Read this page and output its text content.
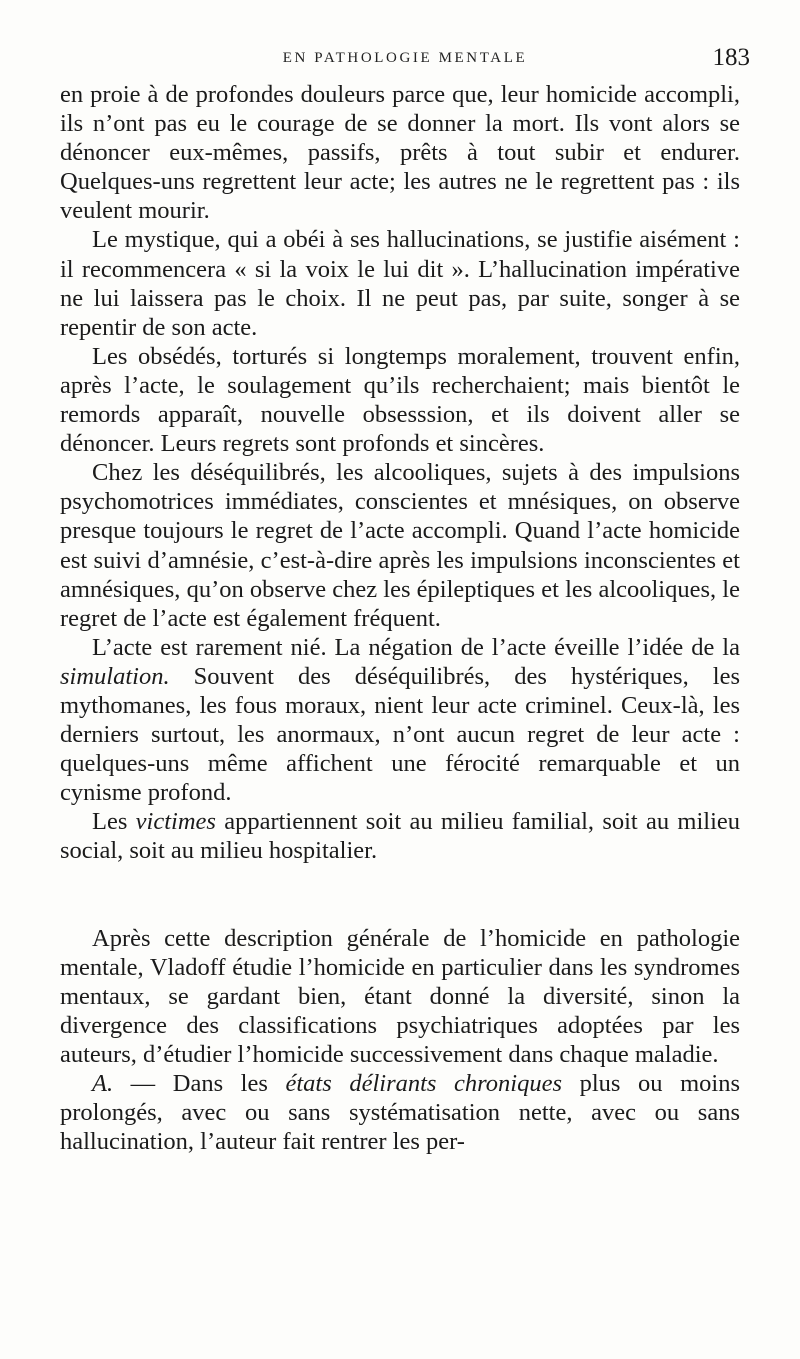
EN PATHOLOGIE MENTALE	183

en proie à de profondes douleurs parce que, leur homicide accompli, ils n’ont pas eu le courage de se donner la mort. Ils vont alors se dénoncer eux-mêmes, passifs, prêts à tout subir et endurer. Quelques-uns regrettent leur acte; les autres ne le regrettent pas : ils veulent mourir.

Le mystique, qui a obéi à ses hallucinations, se justifie aisément : il recommencera « si la voix le lui dit ». L’hallucination impérative ne lui laissera pas le choix. Il ne peut pas, par suite, songer à se repentir de son acte.

Les obsédés, torturés si longtemps moralement, trouvent enfin, après l’acte, le soulagement qu’ils recherchaient; mais bientôt le remords apparaît, nouvelle obsesssion, et ils doivent aller se dénoncer. Leurs regrets sont profonds et sincères.

Chez les déséquilibrés, les alcooliques, sujets à des impulsions psychomotrices immédiates, conscientes et mnésiques, on observe presque toujours le regret de l’acte accompli. Quand l’acte homicide est suivi d’amnésie, c’est-à-dire après les impulsions inconscientes et amnésiques, qu’on observe chez les épileptiques et les alcooliques, le regret de l’acte est également fréquent.

L’acte est rarement nié. La négation de l’acte éveille l’idée de la simulation. Souvent des déséquilibrés, des hystériques, les mythomanes, les fous moraux, nient leur acte criminel. Ceux-là, les derniers surtout, les anormaux, n’ont aucun regret de leur acte : quelques-uns même affichent une férocité remarquable et un cynisme profond.

Les victimes appartiennent soit au milieu familial, soit au milieu social, soit au milieu hospitalier.

Après cette description générale de l’homicide en pathologie mentale, Vladoff étudie l’homicide en particulier dans les syndromes mentaux, se gardant bien, étant donné la diversité, sinon la divergence des classifications psychiatriques adoptées par les auteurs, d’étudier l’homicide successivement dans chaque maladie.

A. — Dans les états délirants chroniques plus ou moins prolongés, avec ou sans systématisation nette, avec ou sans hallucination, l’auteur fait rentrer les per-
